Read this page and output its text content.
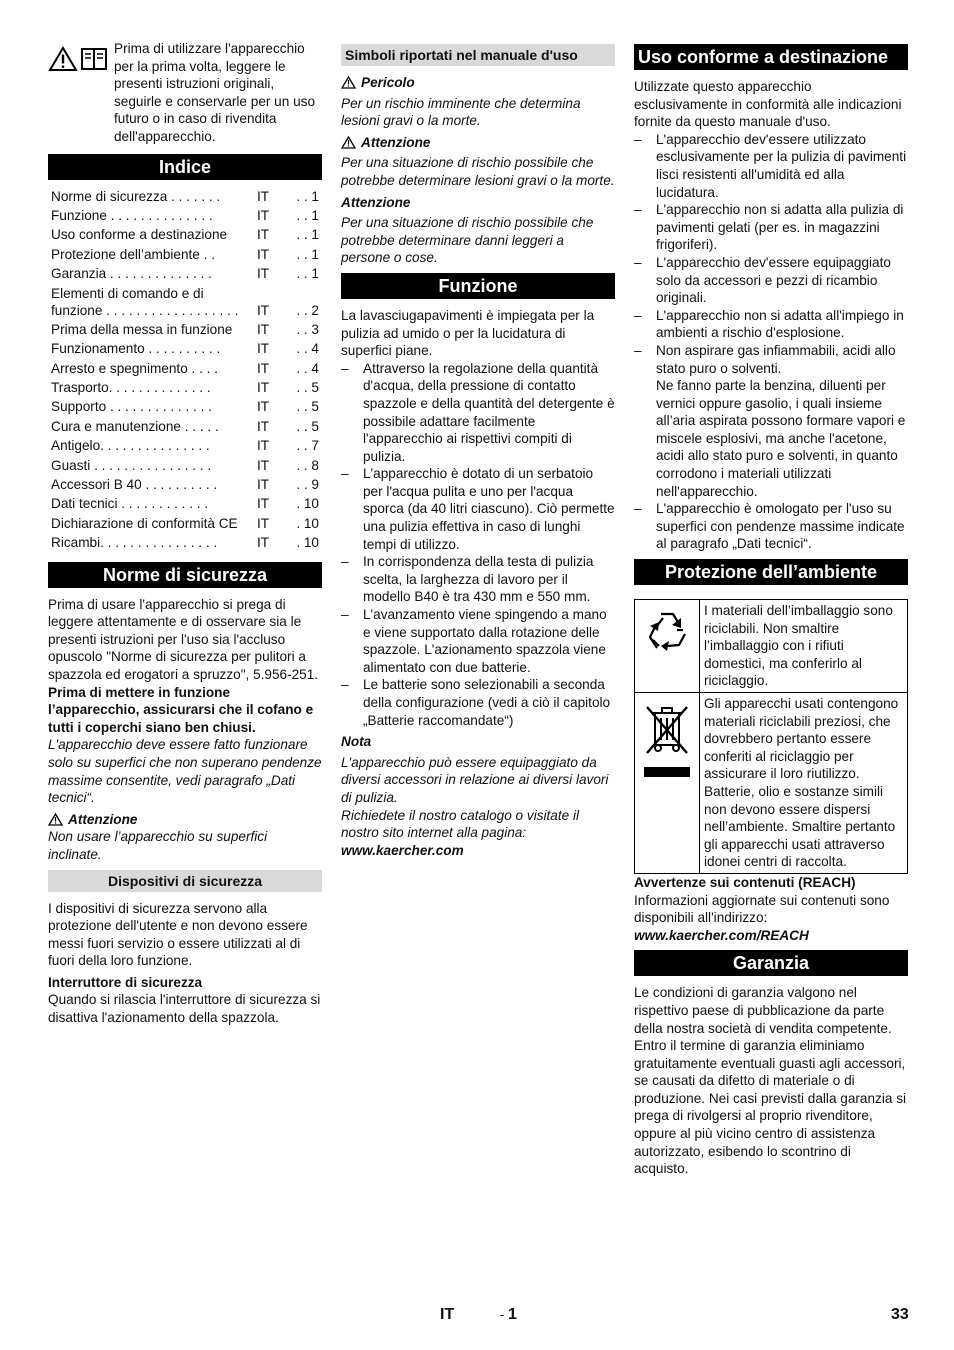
Prima di utilizzare l'apparecchio per la prima volta, leggere le presenti istruzioni originali, seguirle e conservarle per un uso futuro o in caso di rivendita dell'apparecchio.

Indice
Norme di sicurezza . . . . . . .	IT	. . 1
Funzione . . . . . . . . . . . . . .	IT	. . 1
Uso conforme a destinazione	IT	. . 1
Protezione dell’ambiente . .	IT	. . 1
Garanzia . . . . . . . . . . . . . .	IT	. . 1
Elementi di comando e di funzione . . . . . . . . . . . . . . . . . .	IT	. . 2
Prima della messa in funzione	IT	. . 3
Funzionamento . . . . . . . . . .	IT	. . 4
Arresto e spegnimento . . . .	IT	. . 4
Trasporto. . . . . . . . . . . . . .	IT	. . 5
Supporto . . . . . . . . . . . . . .	IT	. . 5
Cura e manutenzione . . . . .	IT	. . 5
Antigelo. . . . . . . . . . . . . . .	IT	. . 7
Guasti . . . . . . . . . . . . . . . .	IT	. . 8
Accessori B 40 . . . . . . . . . .	IT	. . 9
Dati tecnici . . . . . . . . . . . .	IT	. 10
Dichiarazione di conformità CE	IT	. 10
Ricambi. . . . . . . . . . . . . . . .	IT	. 10
Norme di sicurezza

Prima di usare l'apparecchio si prega di leggere attentamente e di osservare sia le presenti istruzioni per l'uso sia l'accluso opuscolo "Norme di sicurezza per pulitori a spazzola ed erogatori a spruzzo", 5.956-251.

Prima di mettere in funzione l’apparecchio, assicurarsi che il cofano e tutti i coperchi siano ben chiusi.

L'apparecchio deve essere fatto funzionare solo su superfici che non superano pendenze massime consentite, vedi paragrafo „Dati tecnici“.

Attenzione

Non usare l’apparecchio su superfici inclinate.

Dispositivi di sicurezza

I dispositivi di sicurezza servono alla protezione dell'utente e non devono essere messi fuori servizio o essere utilizzati al di fuori della loro funzione.

Interruttore di sicurezza

Quando si rilascia l'interruttore di sicurezza si disattiva l'azionamento della spazzola.

Simboli riportati nel manuale d'uso
Pericolo

Per un rischio imminente che determina lesioni gravi o la morte.

Attenzione

Per una situazione di rischio possibile che potrebbe determinare lesioni gravi o la morte.

Attenzione

Per una situazione di rischio possibile che potrebbe determinare danni leggeri a persone o cose.

Funzione

La lavasciugapavimenti è impiegata per la pulizia ad umido o per la lucidatura di superfici piane.

– Attraverso la regolazione della quantità d'acqua, della pressione di contatto spazzole e della quantità del detergente è possibile adattare facilmente l'apparecchio ai rispettivi compiti di pulizia.
– L'apparecchio è dotato di un serbatoio per l'acqua pulita e uno per l'acqua sporca (da 40 litri ciascuno). Ciò permette una pulizia effettiva in caso di lunghi tempi di utilizzo.
– In corrispondenza della testa di pulizia scelta, la larghezza di lavoro per il modello B40 è tra 430 mm e 550 mm.
– L'avanzamento viene spingendo a mano e viene supportato dalla rotazione delle spazzole. L'azionamento spazzola viene alimentato con due batterie.
– Le batterie sono selezionabili a seconda della configurazione (vedi a ciò il capitolo „Batterie raccomandate“)

Nota

L'apparecchio può essere equipaggiato da diversi accessori in relazione ai diversi lavori di pulizia.

Richiedete il nostro catalogo o visitate il nostro sito internet alla pagina:

www.kaercher.com

Uso conforme a destinazione

Utilizzate questo apparecchio esclusivamente in conformità alle indicazioni fornite da questo manuale d'uso.

– L'apparecchio dev'essere utilizzato esclusivamente per la pulizia di pavimenti lisci resistenti all'umidità ed alla lucidatura.
– L'apparecchio non si adatta alla pulizia di pavimenti gelati (per es. in magazzini frigoriferi).
– L'apparecchio dev'essere equipaggiato solo da accessori e pezzi di ricambio originali.
– L'apparecchio non si adatta all'impiego in ambienti a rischio d'esplosione.
– Non aspirare gas infiammabili, acidi allo stato puro o solventi.

Ne fanno parte la benzina, diluenti per vernici oppure gasolio, i quali insieme all’aria aspirata possono formare vapori e miscele esplosivi, ma anche l'acetone, acidi allo stato puro e solventi, in quanto corrodono i materiali utilizzati nell'apparecchio.

– L'apparecchio è omologato per l'uso su superfici con pendenze massime indicate al paragrafo „Dati tecnici“.
Protezione dell’ambiente
	I materiali dell’imballaggio sono riciclabili. Non smaltire l’imballaggio con i rifiuti domestici, ma conferirlo al riciclaggio.
	Gli apparecchi usati contengono materiali riciclabili preziosi, che dovrebbero pertanto essere conferiti al riciclaggio per assicurare il loro riutilizzo. Batterie, olio e sostanze simili non devono essere dispersi nell’ambiente. Smaltire pertanto gli apparecchi usati attraverso idonei centri di raccolta.

Avvertenze sui contenuti (REACH)

Informazioni aggiornate sui contenuti sono disponibili all'indirizzo:

www.kaercher.com/REACH

Garanzia

Le condizioni di garanzia valgono nel rispettivo paese di pubblicazione da parte della nostra società di vendita competente. Entro il termine di garanzia eliminiamo gratuitamente eventuali guasti agli accessori, se causati da difetto di materiale o di produzione. Nei casi previsti dalla garanzia si prega di rivolgersi al proprio rivenditore, oppure al più vicino centro di assistenza autorizzato, esibendo lo scontrino di acquisto.

IT	- 1	33
